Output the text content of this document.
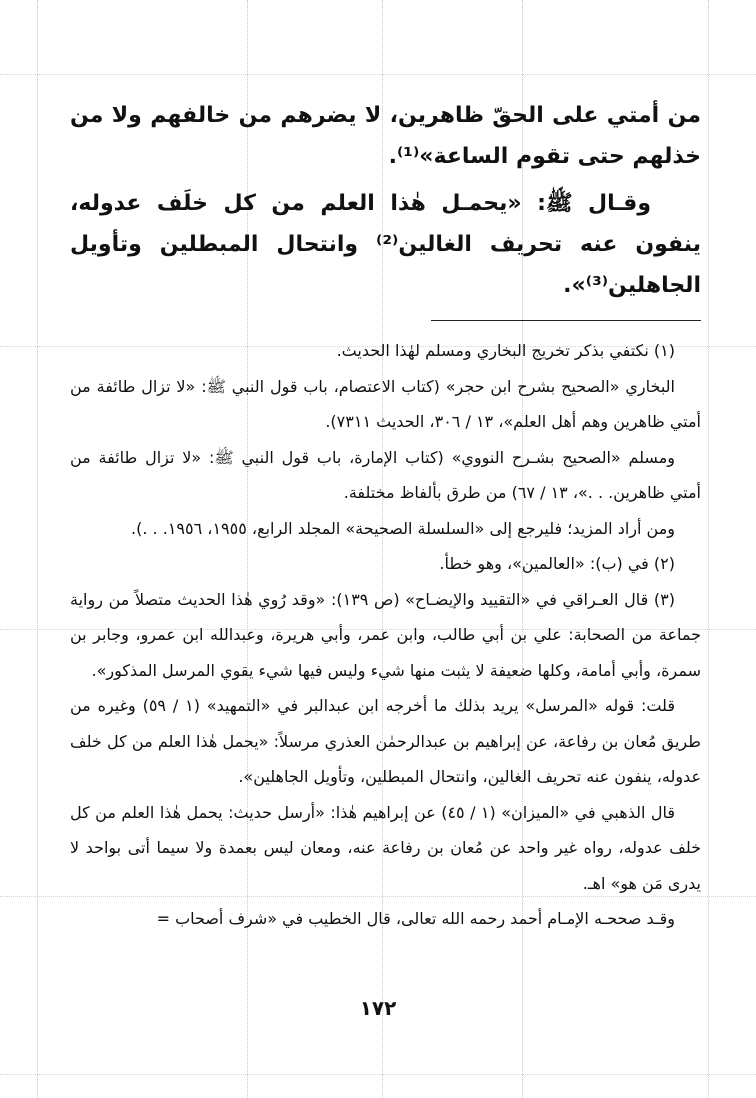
من أمتي على الحقّ ظاهرين، لا يضرهم من خالفهم ولا من خذلهم حتى تقوم الساعة»⁽¹⁾.

وقـال ﷺ: «يحمـل هٰذا العلم من كل خلَف عدوله، ينفون عنه تحريف الغالين⁽²⁾ وانتحال المبطلين وتأويل الجاهلين⁽³⁾».

(١) نكتفي بذكر تخريج البخاري ومسلم لهٰذا الحديث.

البخاري «الصحيح بشرح ابن حجر» (كتاب الاعتصام، باب قول النبي ﷺ: «لا تزال طائفة من أمتي ظاهرين وهم أهل العلم»، ١٣ / ٣٠٦، الحديث ٧٣١١).

ومسلم «الصحيح بشـرح النووي» (كتاب الإمارة، باب قول النبي ﷺ: «لا تزال طائفة من أمتي ظاهرين. . .»، ١٣ / ٦٧) من طرق بألفاظ مختلفة.

ومن أراد المزيد؛ فليرجع إلى «السلسلة الصحيحة» المجلد الرابع، ١٩٥٥، ١٩٥٦. . .).

(٢) في (ب): «العالمين»، وهو خطأ.

(٣) قال العـراقي في «التقييد والإيضـاح» (ص ١٣٩): «وقد رُوي هٰذا الحديث متصلاً من رواية جماعة من الصحابة: علي بن أبي طالب، وابن عمر، وأبي هريرة، وعبدالله ابن عمرو، وجابر بن سمرة، وأبي أمامة، وكلها ضعيفة لا يثبت منها شيء وليس فيها شيء يقوي المرسل المذكور».

قلت: قوله «المرسل» يريد بذلك ما أخرجه ابن عبدالبر في «التمهيد» (١ / ٥٩) وغيره من طريق مُعان بن رفاعة، عن إبراهيم بن عبدالرحمٰن العذري مرسلاً: «يحمل هٰذا العلم من كل خلف عدوله، ينفون عنه تحريف الغالين، وانتحال المبطلين، وتأويل الجاهلين».

قال الذهبي في «الميزان» (١ / ٤٥) عن إبراهيم هٰذا: «أرسل حديث: يحمل هٰذا العلم من كل خلف عدوله، رواه غير واحد عن مُعان بن رفاعة عنه، ومعان ليس بعمدة ولا سيما أتى بواحد لا يدرى مَن هو» اهـ.

وقـد صححـه الإمـام أحمد رحمه الله تعالى، قال الخطيب في «شرف أصحاب =

١٧٢
